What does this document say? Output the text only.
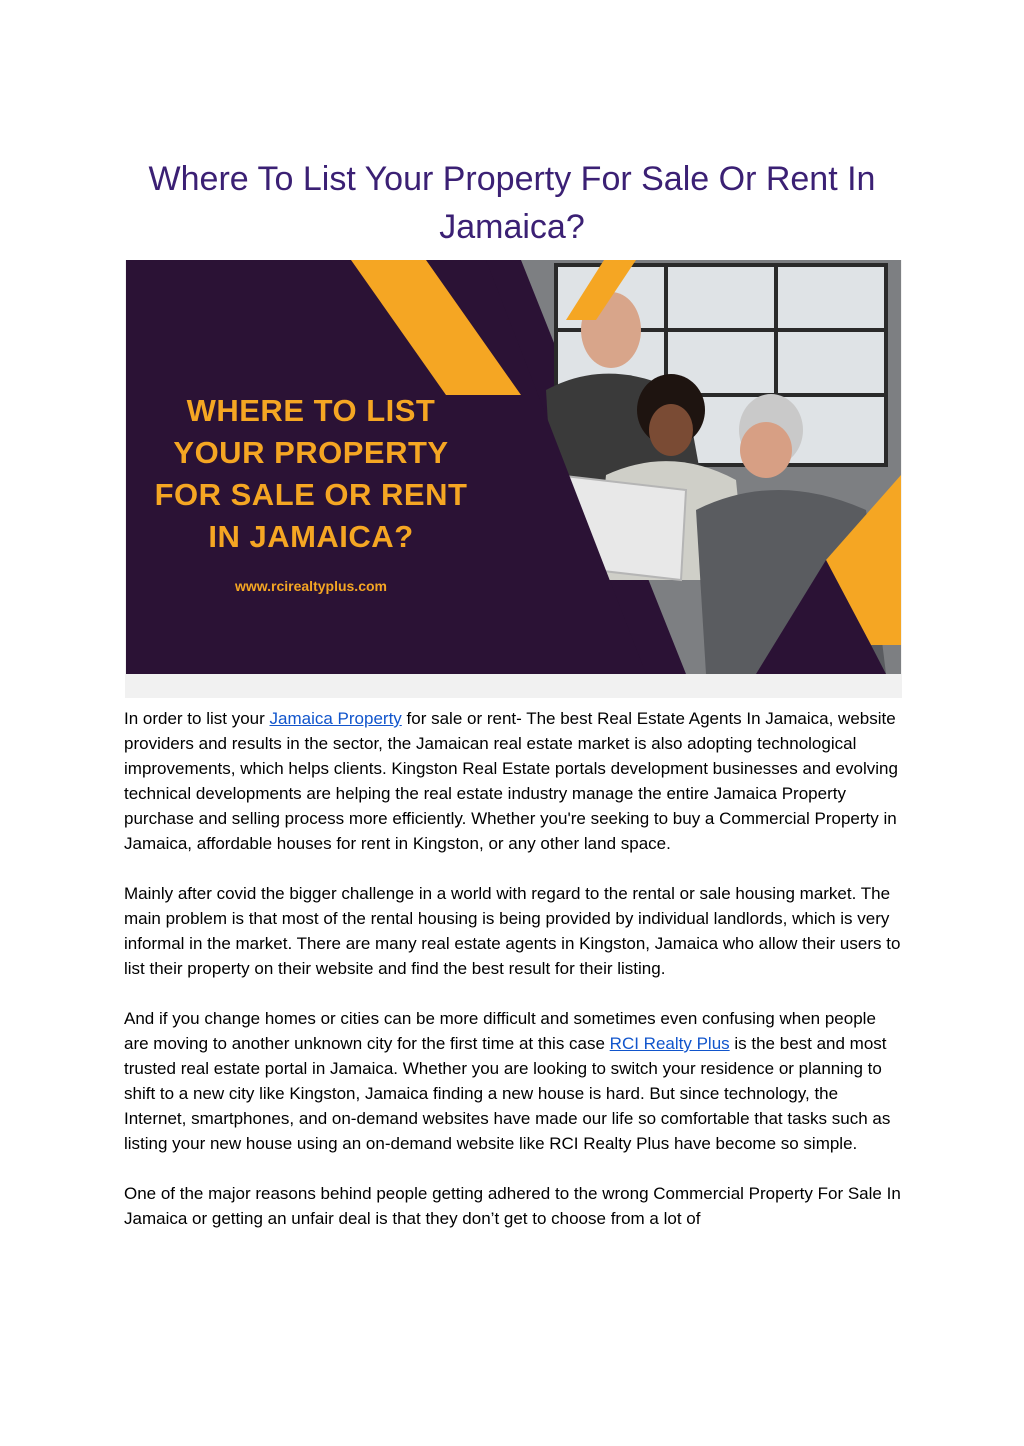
Where To List Your Property For Sale Or Rent In Jamaica?
WHERE TO LIST
YOUR PROPERTY
FOR SALE OR RENT
IN JAMAICA?
www.rcirealtyplus.com

In order to list your Jamaica Property for sale or rent- The best Real Estate Agents In Jamaica, website providers and results in the sector, the Jamaican real estate market is also adopting technological improvements, which helps clients. Kingston Real Estate portals development businesses and evolving technical developments are helping the real estate industry manage the entire Jamaica Property purchase and selling process more efficiently. Whether you're seeking to buy a Commercial Property in Jamaica, affordable houses for rent in Kingston, or any other land space.

Mainly after covid the bigger challenge in a world with regard to the rental or sale housing market. The main problem is that most of the rental housing is being provided by individual landlords, which is very informal in the market. There are many real estate agents in Kingston, Jamaica who allow their users to list their property on their website and find the best result for their listing.

And if you change homes or cities can be more difficult and sometimes even confusing when people are moving to another unknown city for the first time at this case RCI Realty Plus is the best and most trusted real estate portal in Jamaica. Whether you are looking to switch your residence or planning to shift to a new city like Kingston, Jamaica finding a new house is hard. But since technology, the Internet, smartphones, and on-demand websites have made our life so comfortable that tasks such as listing your new house using an on-demand website like RCI Realty Plus have become so simple.

One of the major reasons behind people getting adhered to the wrong Commercial Property For Sale In Jamaica or getting an unfair deal is that they don’t get to choose from a lot of
